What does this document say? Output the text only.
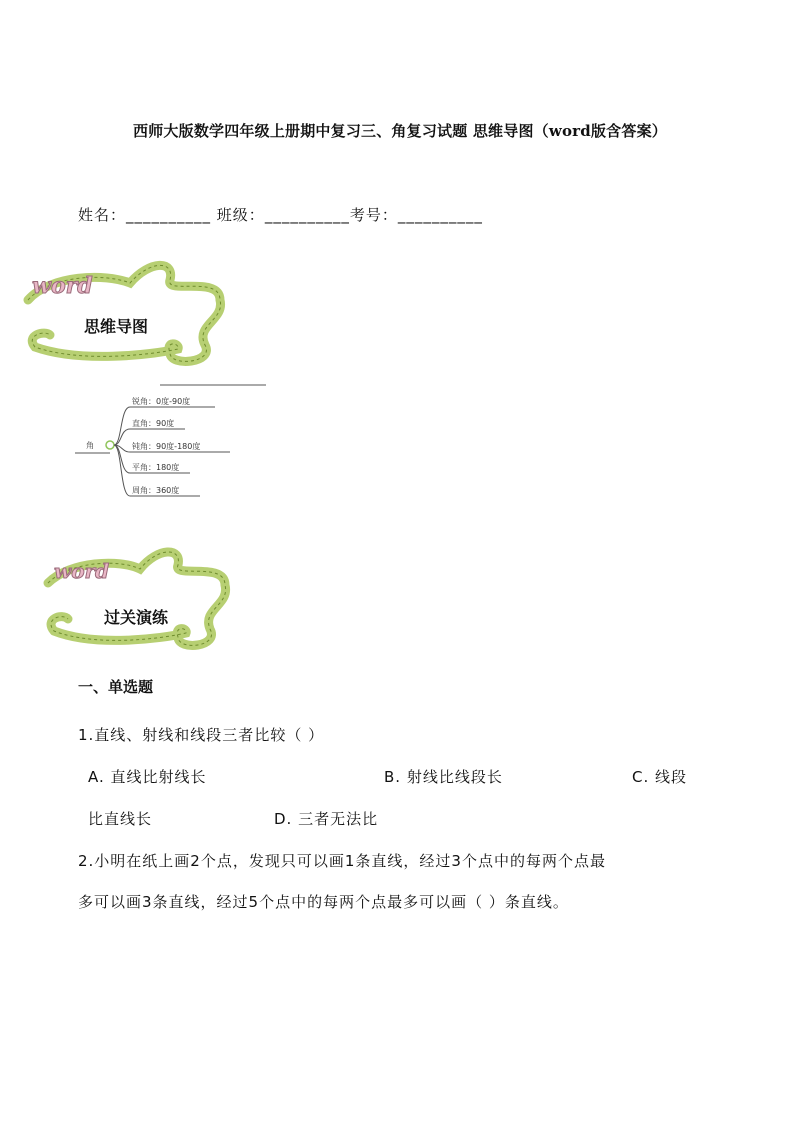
西师大版数学四年级上册期中复习三、角复习试题 思维导图（word版含答案）
姓名：__________ 班级：__________考号：__________
word
思维导图
角
锐角：0度-90度
直角：90度
钝角：90度-180度
平角：180度
周角：360度
word
过关演练
一、单选题
1.直线、射线和线段三者比较（ ）
A. 直线比射线长	B. 射线比线段长	C. 线段
比直线长	D. 三者无法比
2.小明在纸上画2个点，发现只可以画1条直线，经过3个点中的每两个点最
多可以画3条直线，经过5个点中的每两个点最多可以画（ ）条直线。
